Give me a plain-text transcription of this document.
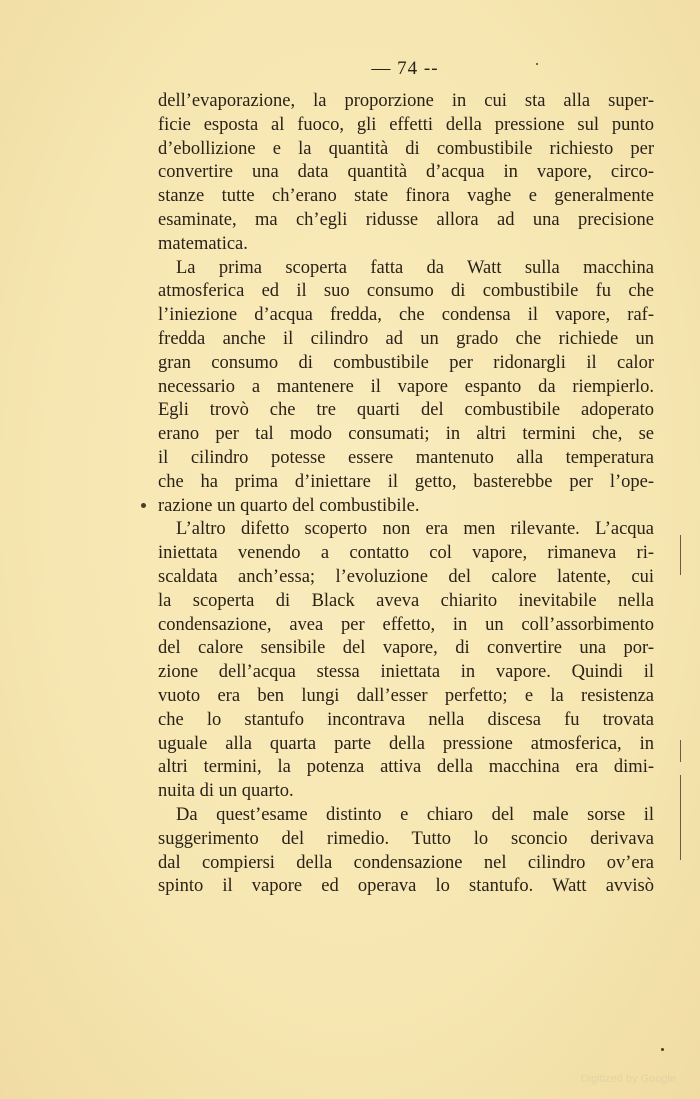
— 74 --
dell’evaporazione, la proporzione in cui sta alla super-
ficie esposta al fuoco, gli effetti della pressione sul punto
d’ebollizione e la quantità di combustibile richiesto per
convertire una data quantità d’acqua in vapore, circo-
stanze tutte ch’erano state finora vaghe e generalmente
esaminate, ma ch’egli ridusse allora ad una precisione
matematica.
La prima scoperta fatta da Watt sulla macchina
atmosferica ed il suo consumo di combustibile fu che
l’iniezione d’acqua fredda, che condensa il vapore, raf-
fredda anche il cilindro ad un grado che richiede un
gran consumo di combustibile per ridonargli il calor
necessario a mantenere il vapore espanto da riempierlo.
Egli trovò che tre quarti del combustibile adoperato
erano per tal modo consumati; in altri termini che, se
il cilindro potesse essere mantenuto alla temperatura
che ha prima d’iniettare il getto, basterebbe per l’ope-
razione un quarto del combustibile.
L’altro difetto scoperto non era men rilevante. L’acqua
iniettata venendo a contatto col vapore, rimaneva ri-
scaldata anch’essa; l’evoluzione del calore latente, cui
la scoperta di Black aveva chiarito inevitabile nella
condensazione, avea per effetto, in un coll’assorbimento
del calore sensibile del vapore, di convertire una por-
zione dell’acqua stessa iniettata in vapore. Quindi il
vuoto era ben lungi dall’esser perfetto; e la resistenza
che lo stantufo incontrava nella discesa fu trovata
uguale alla quarta parte della pressione atmosferica, in
altri termini, la potenza attiva della macchina era dimi-
nuita di un quarto.
Da quest’esame distinto e chiaro del male sorse il
suggerimento del rimedio. Tutto lo sconcio derivava
dal compiersi della condensazione nel cilindro ov’era
spinto il vapore ed operava lo stantufo. Watt avvisò
Digitized by Google
